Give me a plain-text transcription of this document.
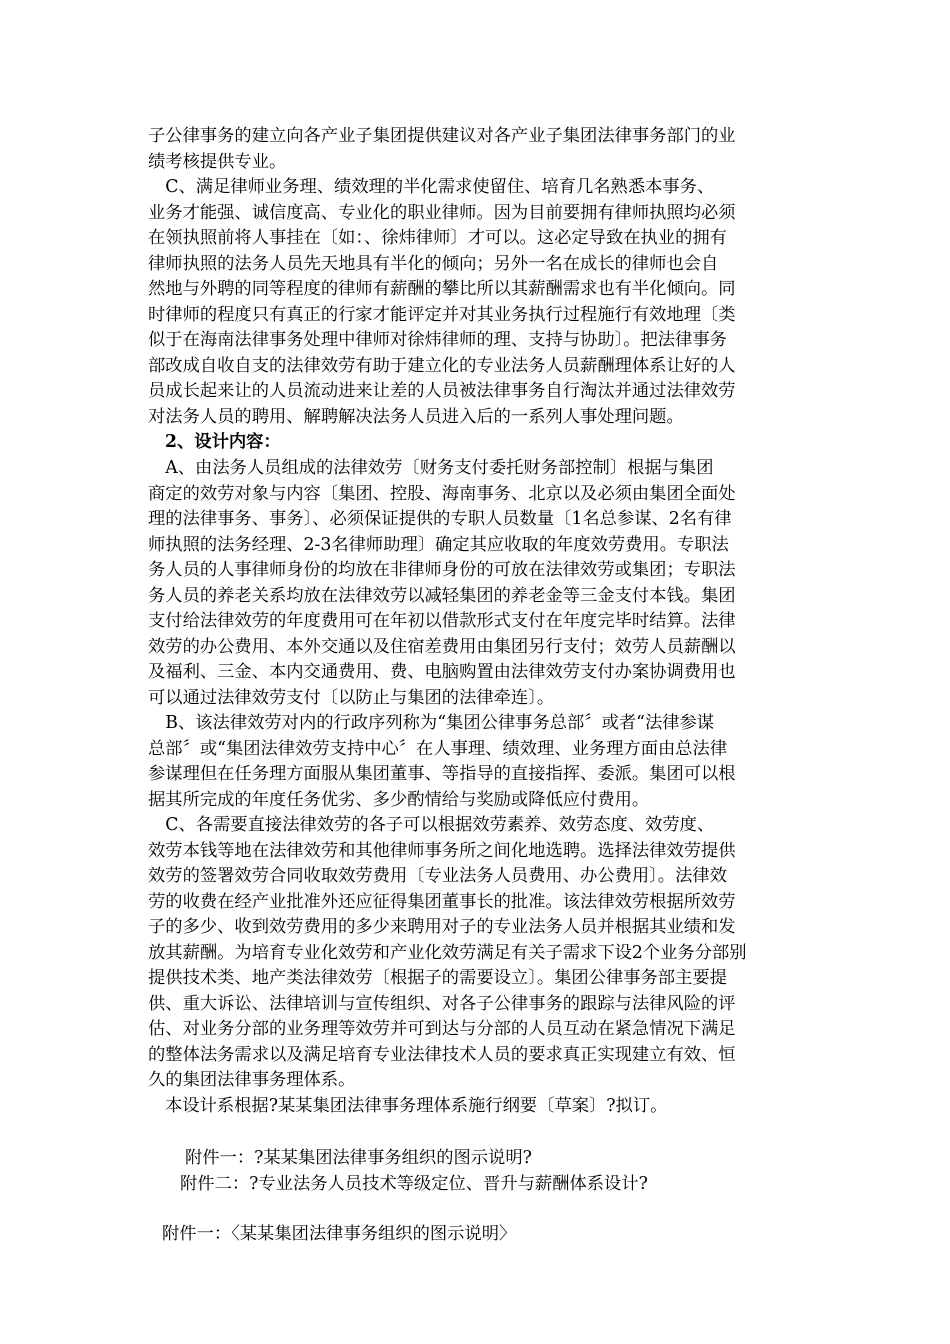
子公律事务的建立向各产业子集团提供建议对各产业子集团法律事务部门的业
绩考核提供专业。
　C、满足律师业务理、绩效理的半化需求使留住、培育几名熟悉本事务、
业务才能强、诚信度高、专业化的职业律师。因为目前要拥有律师执照均必须
在领执照前将人事挂在〔如：、徐炜律师〕才可以。这必定导致在执业的拥有
律师执照的法务人员先天地具有半化的倾向；另外一名在成长的律师也会自
然地与外聘的同等程度的律师有薪酬的攀比所以其薪酬需求也有半化倾向。同
时律师的程度只有真正的行家才能评定并对其业务执行过程施行有效地理〔类
似于在海南法律事务处理中律师对徐炜律师的理、支持与协助〕。把法律事务
部改成自收自支的法律效劳有助于建立化的专业法务人员薪酬理体系让好的人
员成长起来让的人员流动进来让差的人员被法律事务自行淘汰并通过法律效劳
对法务人员的聘用、解聘解决法务人员进入后的一系列人事处理问题。
2、设计内容：
　A、由法务人员组成的法律效劳〔财务支付委托财务部控制〕根据与集团
商定的效劳对象与内容〔集团、控股、海南事务、北京以及必须由集团全面处
理的法律事务、事务〕、必须保证提供的专职人员数量〔1名总参谋、2名有律
师执照的法务经理、2-3名律师助理〕确定其应收取的年度效劳费用。专职法
务人员的人事律师身份的均放在非律师身份的可放在法律效劳或集团；专职法
务人员的养老关系均放在法律效劳以减轻集团的养老金等三金支付本钱。集团
支付给法律效劳的年度费用可在年初以借款形式支付在年度完毕时结算。法律
效劳的办公费用、本外交通以及住宿差费用由集团另行支付；效劳人员薪酬以
及福利、三金、本内交通费用、费、电脑购置由法律效劳支付办案协调费用也
可以通过法律效劳支付〔以防止与集团的法律牵连〕。
　B、该法律效劳对内的行政序列称为“集团公律事务总部〞或者“法律参谋
总部〞或“集团法律效劳支持中心〞在人事理、绩效理、业务理方面由总法律
参谋理但在任务理方面服从集团董事、等指导的直接指挥、委派。集团可以根
据其所完成的年度任务优劣、多少酌情给与奖励或降低应付费用。
　C、各需要直接法律效劳的各子可以根据效劳素养、效劳态度、效劳度、
效劳本钱等地在法律效劳和其他律师事务所之间化地选聘。选择法律效劳提供
效劳的签署效劳合同收取效劳费用〔专业法务人员费用、办公费用〕。法律效
劳的收费在经产业批准外还应征得集团董事长的批准。该法律效劳根据所效劳
子的多少、收到效劳费用的多少来聘用对子的专业法务人员并根据其业绩和发
放其薪酬。为培育专业化效劳和产业化效劳满足有关子需求下设2个业务分部别
提供技术类、地产类法律效劳〔根据子的需要设立〕。集团公律事务部主要提
供、重大诉讼、法律培训与宣传组织、对各子公律事务的跟踪与法律风险的评
估、对业务分部的业务理等效劳并可到达与分部的人员互动在紧急情况下满足
的整体法务需求以及满足培育专业法律技术人员的要求真正实现建立有效、恒
久的集团法律事务理体系。
本设计系根据?某某集团法律事务理体系施行纲要〔草案〕?拟订。
附件一：?某某集团法律事务组织的图示说明?
附件二：?专业法务人员技术等级定位、晋升与薪酬体系设计?
附件一：〈某某集团法律事务组织的图示说明〉
